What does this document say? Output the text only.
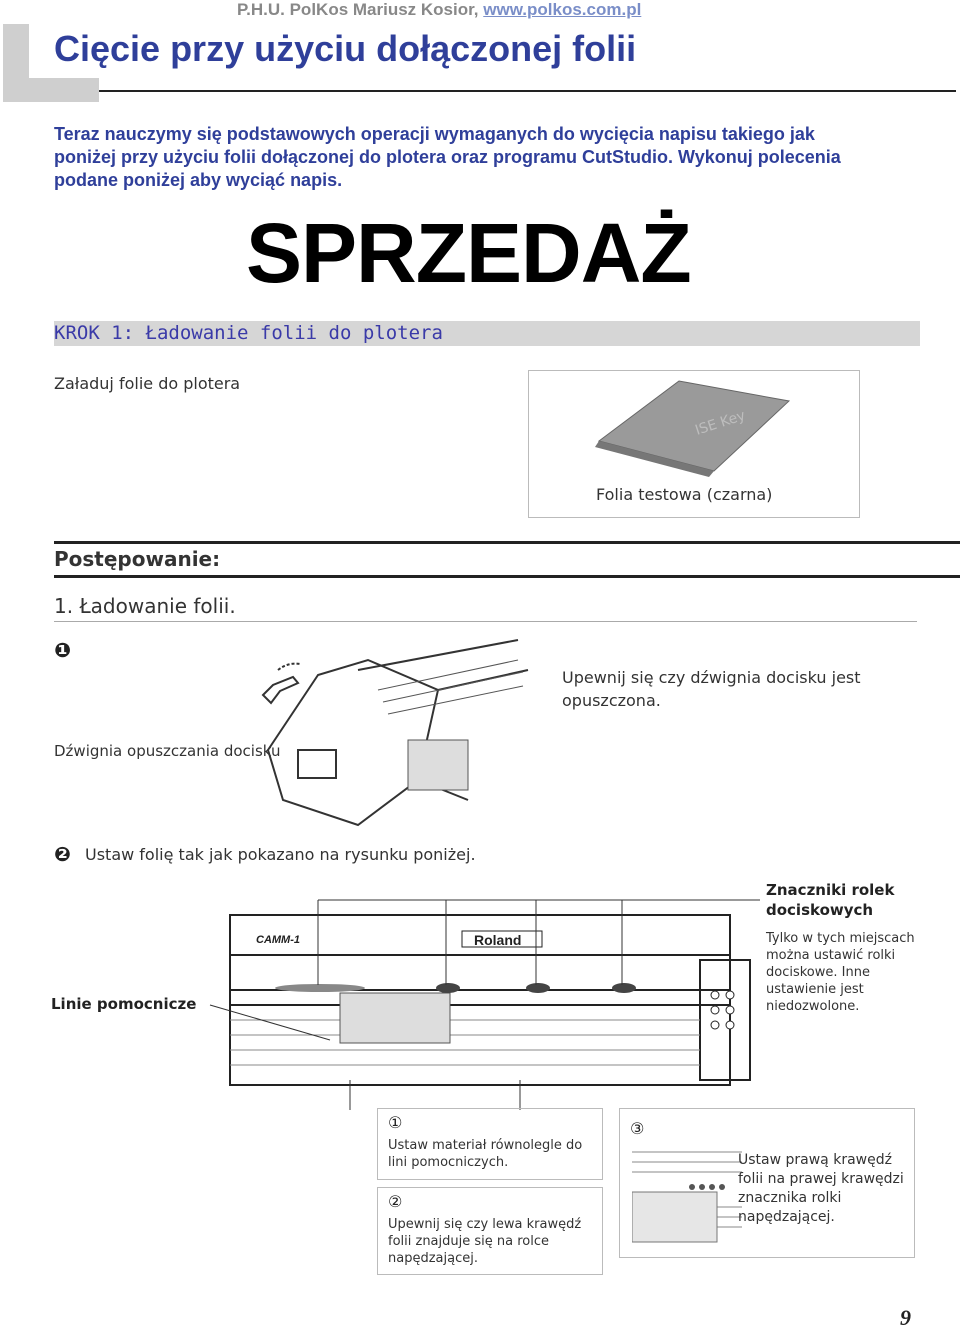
P.H.U. PolKos Mariusz Kosior, www.polkos.com.pl
Cięcie przy użyciu dołączonej folii
Teraz nauczymy się podstawowych operacji wymaganych do wycięcia napisu takiego jak poniżej przy użyciu folii dołączonej do plotera oraz programu CutStudio. Wykonuj polecenia podane poniżej aby wyciąć napis.
SPRZEDAŻ
KROK 1: Ładowanie folii do plotera
Załaduj folie do plotera
ISE Key
Folia testowa (czarna)
Postępowanie:
1. Ładowanie folii.
❶
Upewnij się czy dźwignia docisku jest opuszczona.
Dźwignia opuszczania docisku
❷ Ustaw folię tak jak pokazano na rysunku poniżej.
Roland
CAMM-1
Znaczniki rolek dociskowych
Tylko w tych miejscach można ustawić rolki dociskowe. Inne ustawienie jest niedozwolone.
Linie pomocnicze
①
Ustaw materiał równolegle do lini pomocniczych.
②
Upewnij się czy lewa krawędź folii znajduje się na rolce napędzającej.
③
Ustaw prawą krawędź folii na prawej krawędzi znacznika rolki napędzającej.
9
